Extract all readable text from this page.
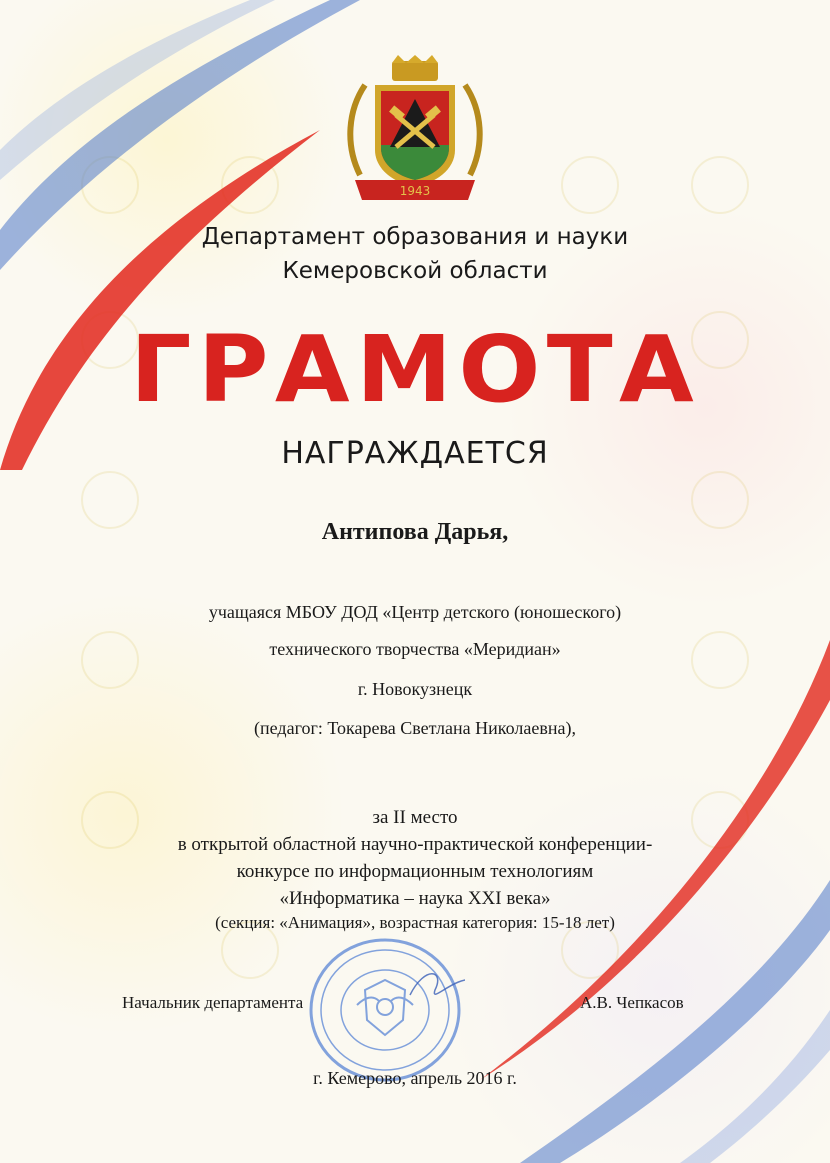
1943

Департамент образования и науки

Кемеровской области

ГРАМОТА

НАГРАЖДАЕТСЯ

Антипова Дарья,

учащаяся МБОУ ДОД «Центр детского (юношеского)

технического творчества «Меридиан»

г. Новокузнецк

(педагог: Токарева Светлана Николаевна),

за II место

в открытой областной научно-практической конференции-

конкурсе по информационным технологиям

«Информатика – наука XXI века»

(секция: «Анимация», возрастная категория: 15-18 лет)

Начальник департамента	А.В. Чепкасов

г. Кемерово, апрель 2016 г.
